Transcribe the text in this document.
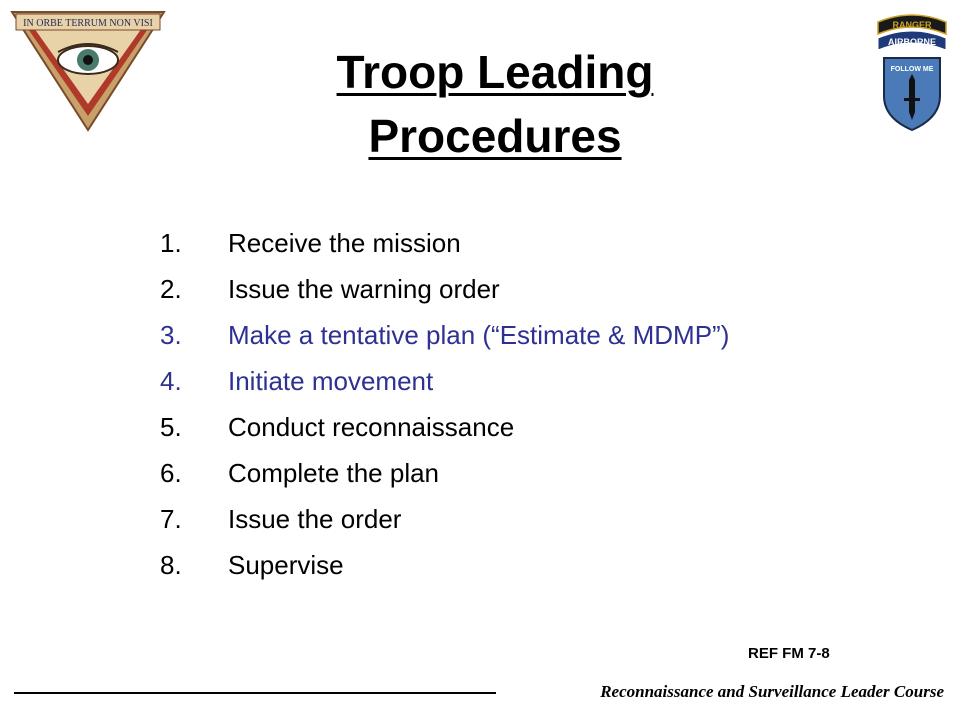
IN ORBE TERRUM NON VISI	RANGER
AIRBORNE
FOLLOW ME
Troop Leading
Procedures
1.	Receive the mission
2.	Issue the warning order
3.	Make a tentative plan (“Estimate & MDMP”)
4.	Initiate movement
5.	Conduct reconnaissance
6.	Complete the plan
7.	Issue the order
8.	Supervise
REF FM 7-8
Reconnaissance and Surveillance Leader Course
